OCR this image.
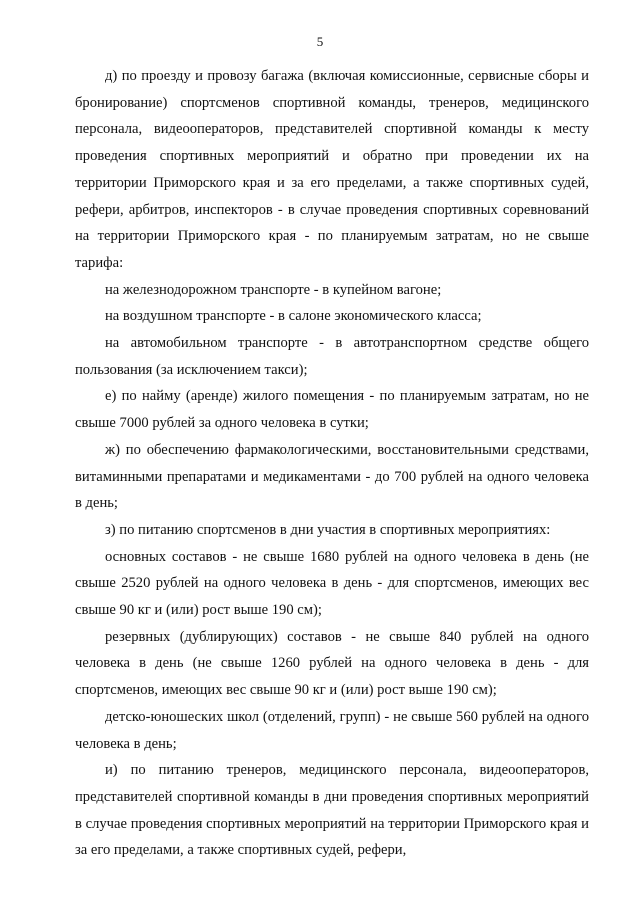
5

д) по проезду и провозу багажа (включая комиссионные, сервисные сборы и бронирование) спортсменов спортивной команды, тренеров, медицинского персонала, видеооператоров, представителей спортивной команды к месту проведения спортивных мероприятий и обратно при проведении их на территории Приморского края и за его пределами, а также спортивных судей, рефери, арбитров, инспекторов - в случае проведения спортивных соревнований на территории Приморского края - по планируемым затратам, но не свыше тарифа:

на железнодорожном транспорте - в купейном вагоне;

на воздушном транспорте - в салоне экономического класса;

на автомобильном транспорте - в автотранспортном средстве общего пользования (за исключением такси);

е) по найму (аренде) жилого помещения - по планируемым затратам, но не свыше 7000 рублей за одного человека в сутки;

ж) по обеспечению фармакологическими, восстановительными средствами, витаминными препаратами и медикаментами - до 700 рублей на одного человека в день;

з) по питанию спортсменов в дни участия в спортивных мероприятиях:

основных составов - не свыше 1680 рублей на одного человека в день (не свыше 2520 рублей на одного человека в день - для спортсменов, имеющих вес свыше 90 кг и (или) рост выше 190 см);

резервных (дублирующих) составов - не свыше 840 рублей на одного человека в день (не свыше 1260 рублей на одного человека в день - для спортсменов, имеющих вес свыше 90 кг и (или) рост выше 190 см);

детско-юношеских школ (отделений, групп) - не свыше 560 рублей на одного человека в день;

и) по питанию тренеров, медицинского персонала, видеооператоров, представителей спортивной команды в дни проведения спортивных мероприятий в случае проведения спортивных мероприятий на территории Приморского края и за его пределами, а также спортивных судей, рефери,
